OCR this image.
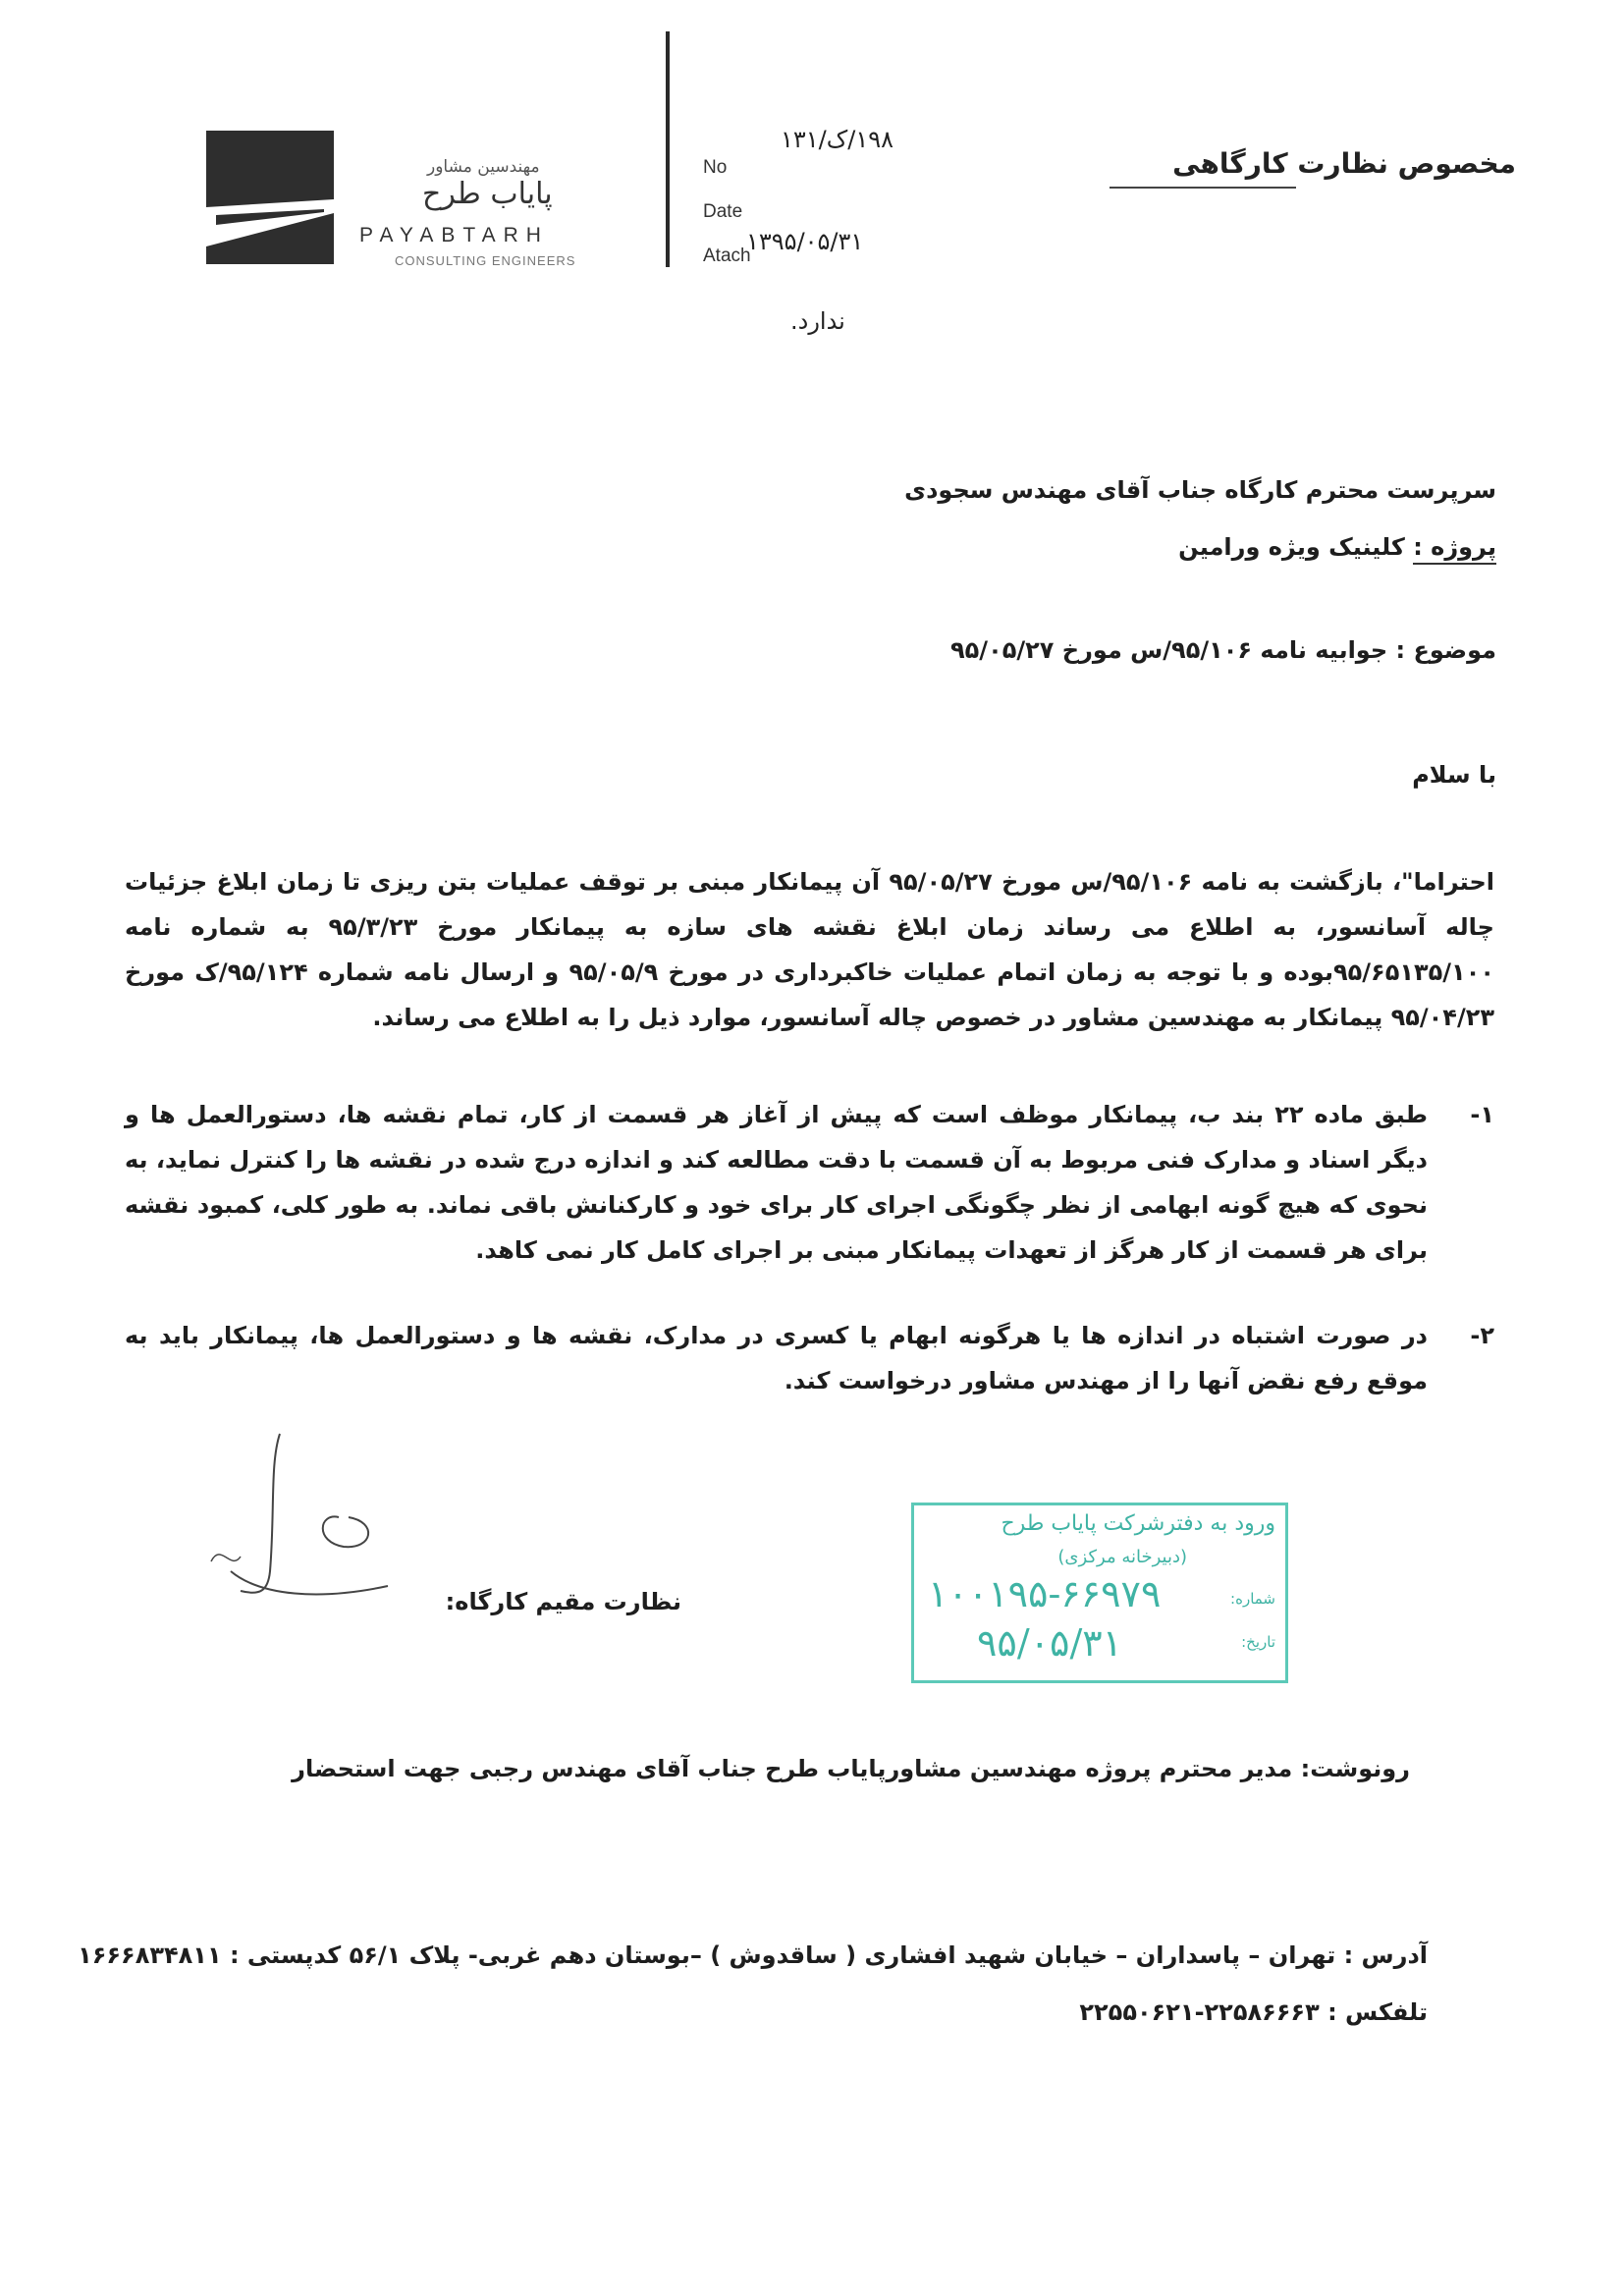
مهندسین مشاور
پایاب طرح
PAYABTARH
CONSULTING ENGINEERS
No
Date
Atach
۱۹۸/ک/۱۳۱
۱۳۹۵/۰۵/۳۱
ندارد.
مخصوص نظارت کارگاهی
سرپرست محترم کارگاه جناب آقای مهندس سجودی
پروژه : کلینیک ویژه ورامین
موضوع : جوابیه نامه ۹۵/۱۰۶/س مورخ ۹۵/۰۵/۲۷
با سلام
احتراما"، بازگشت به نامه ۹۵/۱۰۶/س مورخ ۹۵/۰۵/۲۷ آن پیمانکار مبنی بر توقف عملیات بتن ریزی تا زمان ابلاغ جزئیات چاله آسانسور، به اطلاع می رساند زمان ابلاغ نقشه های سازه به پیمانکار مورخ ۹۵/۳/۲۳ به شماره نامه ۹۵/۶۵۱۳۵/۱۰۰بوده و با توجه به زمان اتمام عملیات خاکبرداری در مورخ ۹۵/۰۵/۹ و ارسال نامه شماره ۹۵/۱۲۴/ک مورخ ۹۵/۰۴/۲۳ پیمانکار به مهندسین مشاور در خصوص چاله آسانسور، موارد ذیل را به اطلاع می رساند.
۱-
طبق ماده ۲۲ بند ب، پیمانکار موظف است که پیش از آغاز هر قسمت از کار، تمام نقشه ها، دستورالعمل ها و دیگر اسناد و مدارک فنی مربوط به آن قسمت با دقت مطالعه کند و اندازه درج شده در نقشه ها را کنترل نماید، به نحوی که هیچ گونه ابهامی از نظر چگونگی اجرای کار برای خود و کارکنانش باقی نماند. به طور کلی، کمبود نقشه برای هر قسمت از کار هرگز از تعهدات پیمانکار مبنی بر اجرای کامل کار نمی کاهد.
۲-
در صورت اشتباه در اندازه ها یا هرگونه ابهام یا کسری در مدارک، نقشه ها و دستورالعمل ها، پیمانکار باید به موقع رفع نقض آنها را از مهندس مشاور درخواست کند.
نظارت مقیم کارگاه:
ورود به دفترشرکت پایاب طرح
(دبیرخانه مرکزی)
شماره:
تاریخ:
۱۰۰۱۹۵-۶۶۹۷۹
۹۵/۰۵/۳۱
رونوشت: مدیر محترم پروژه مهندسین مشاورپایاب طرح جناب آقای مهندس رجبی جهت استحضار
آدرس : تهران – پاسداران – خیابان شهید افشاری ( ساقدوش ) –بوستان دهم غربی- پلاک ۵۶/۱ کدپستی : ۱۶۶۶۸۳۴۸۱۱
تلفکس : ۲۲۵۸۶۶۶۳-۲۲۵۵۰۶۲۱
